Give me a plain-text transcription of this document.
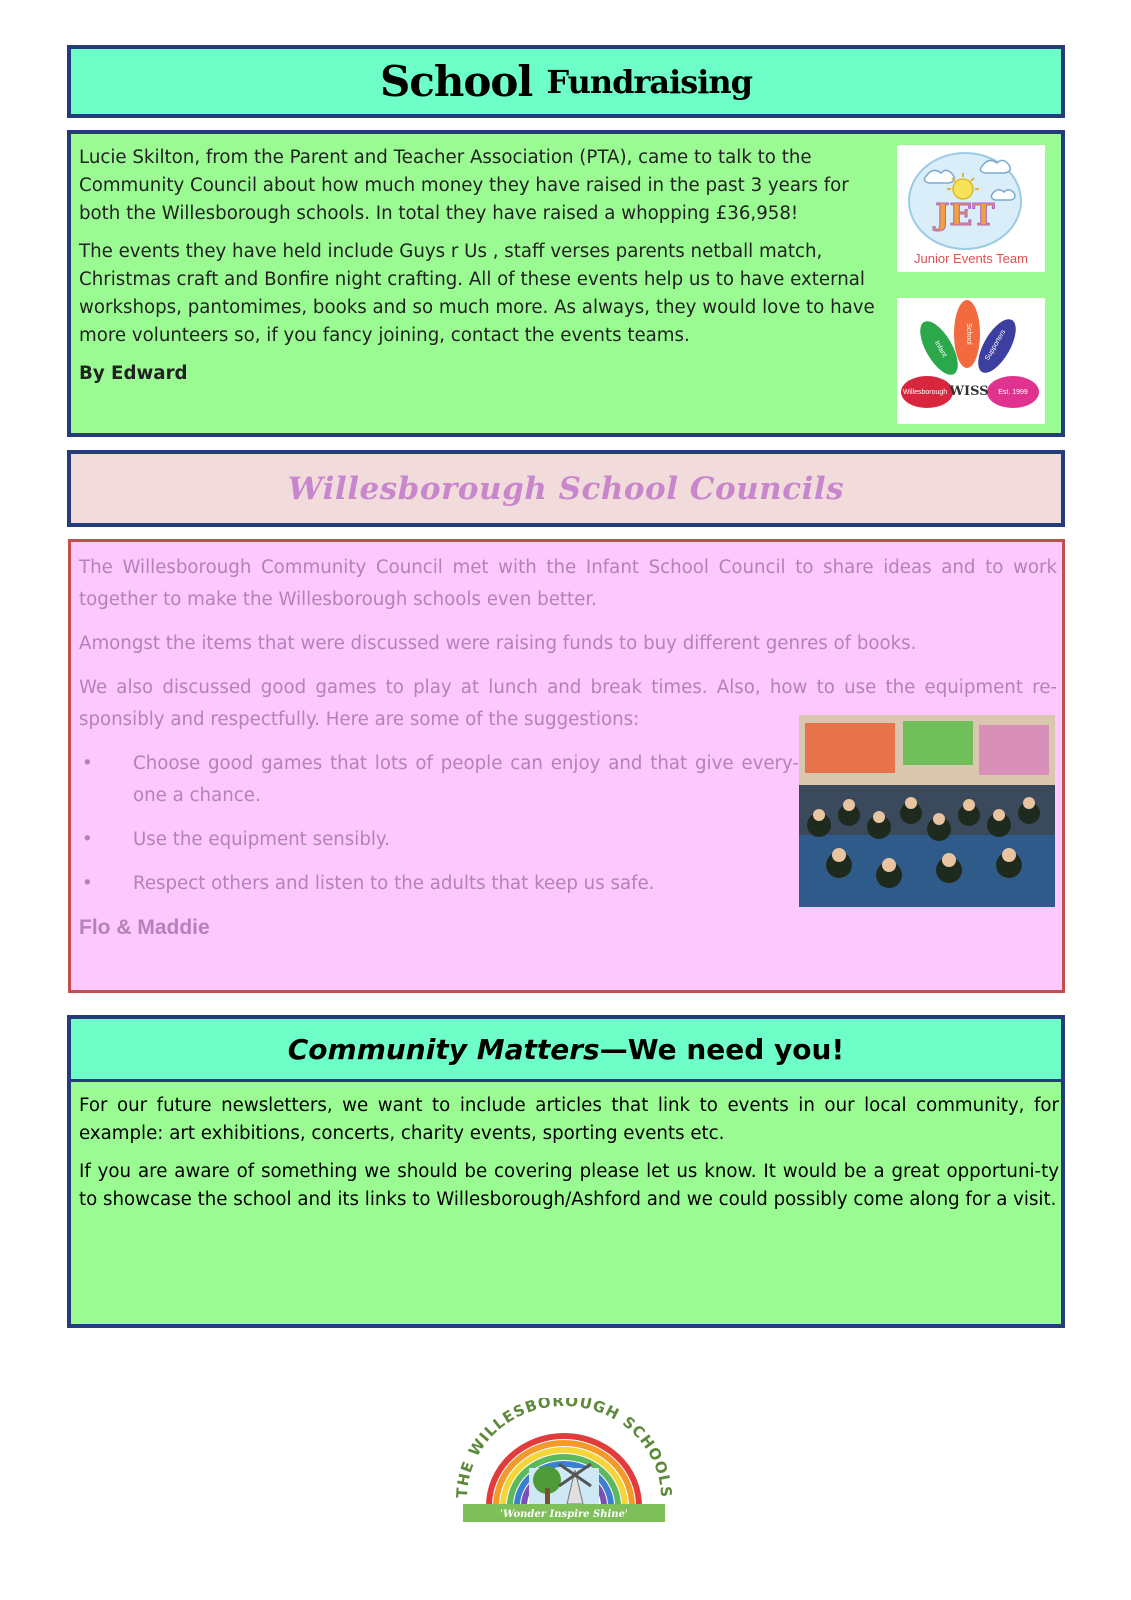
School Fundraising

Lucie Skilton, from the Parent and Teacher Association (PTA), came to talk to the Community Council about how much money they have raised in the past 3 years for both the Willesborough schools. In total they have raised a whopping £36,958!

The events they have held include Guys r Us , staff verses parents netball match, Christmas craft and Bonfire night crafting. All of these events help us to have external workshops, pantomimes, books and so much more. As always, they would love to have more volunteers so, if you fancy joining, contact the events teams.

By Edward

JET
Junior Events Team
WISS
Willesborough	Est. 1999
Infant
School Supporters
Willesborough School Councils

The Willesborough Community Council met with the Infant School Council to share ideas and to work together to make the Willesborough schools even better.

Amongst the items that were discussed were raising funds to buy different genres of books.

We also discussed good games to play at lunch and break times. Also, how to use the equipment re-sponsibly and respectfully. Here are some of the suggestions:

• Choose good games that lots of people can enjoy and that give every-one a chance.
• Use the equipment sensibly.
• Respect others and listen to the adults that keep us safe.
Flo & Maddie
Community Matters—We need you!

For our future newsletters, we want to include articles that link to events in our local community, for example: art exhibitions, concerts, charity events, sporting events etc.

If you are aware of something we should be covering please let us know. It would be a great opportuni-ty to showcase the school and its links to Willesborough/Ashford and we could possibly come along for a visit.

HE WILLESBOROUGH SCHOOL
'Wonder Inspire Shine'
